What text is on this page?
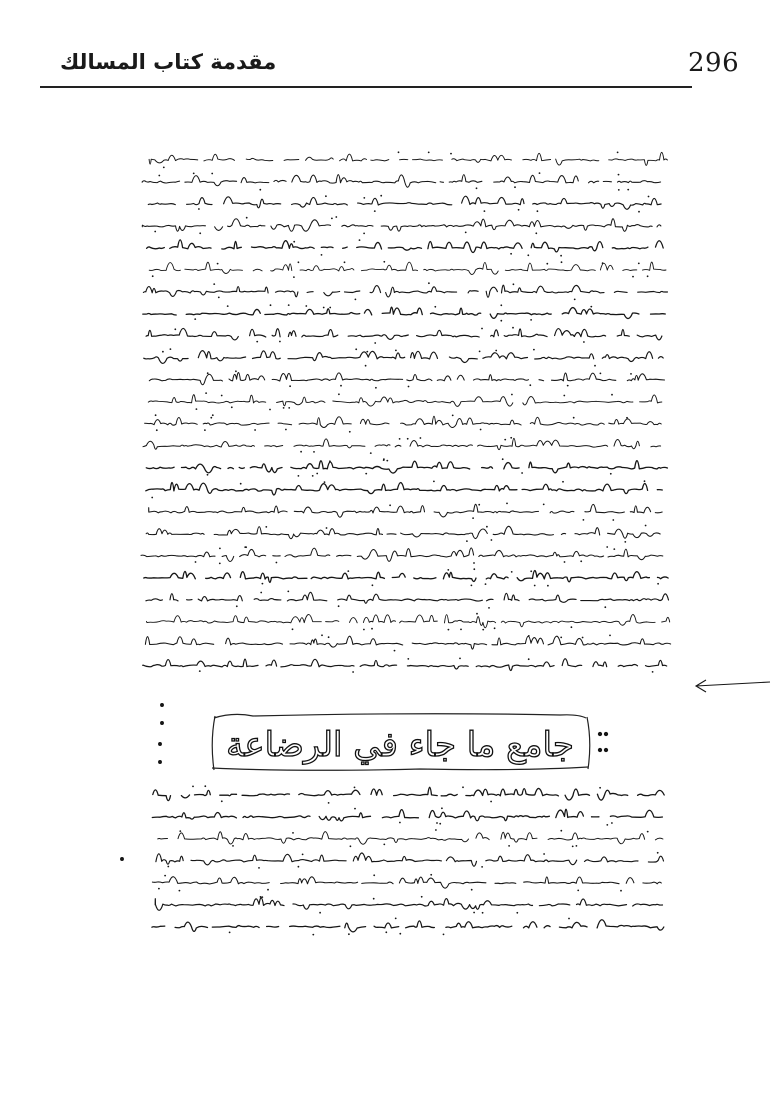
296
مقدمة كتاب المسالك
جامع ما جاء في الرضاعة
